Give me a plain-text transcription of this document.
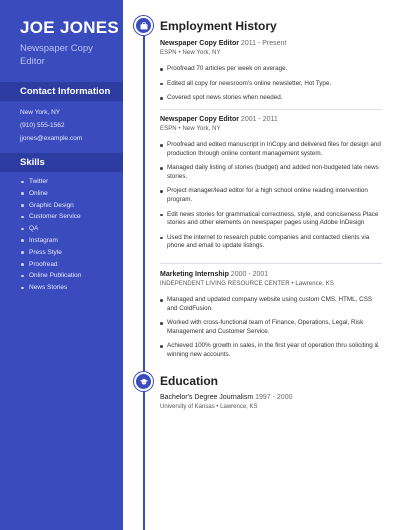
JOE JONES
Newspaper Copy Editor
Contact Information
New York, NY
(910) 555-1562
jjones@example.com
Skills
Twitter
Online
Graphic Design
Customer Service
QA
Instagram
Press Style
Proofread
Online Publication
News Stories
Employment History
Newspaper Copy Editor 2011 - Present
ESPN • New York, NY
Proofread 70 articles per week on average.
Edited all copy for newsroom's online newsletter, Hot Type.
Covered spot news stories when needed.
Newspaper Copy Editor 2001 - 2011
ESPN • New York, NY
Proofread and edited manuscript in InCopy and delivered files for design and production through online content management system.
Managed daily listing of stories (budget) and added non-budgeted late news stories.
Project manager/lead editor for a high school online reading intervention program.
Edit news stories for grammatical correctness, style, and conciseness Place stories and other elements on newspaper pages using Adobe InDesign
Used the internet to research public companies and contacted clients via phone and email to update listings.
Marketing Internship 2000 - 2001
INDEPENDENT LIVING RESOURCE CENTER • Lawrence, KS
Managed and updated company website using custom CMS, HTML, CSS and ColdFusion.
Worked with cross-functional team of Finance, Operations, Legal, Risk Management and Customer Service.
Achieved 100% growth in sales, in the first year of operation thru soliciting & winning new accounts.
Education
Bachelor's Degree Journalism 1997 - 2000
University of Kansas • Lawrence, KS
